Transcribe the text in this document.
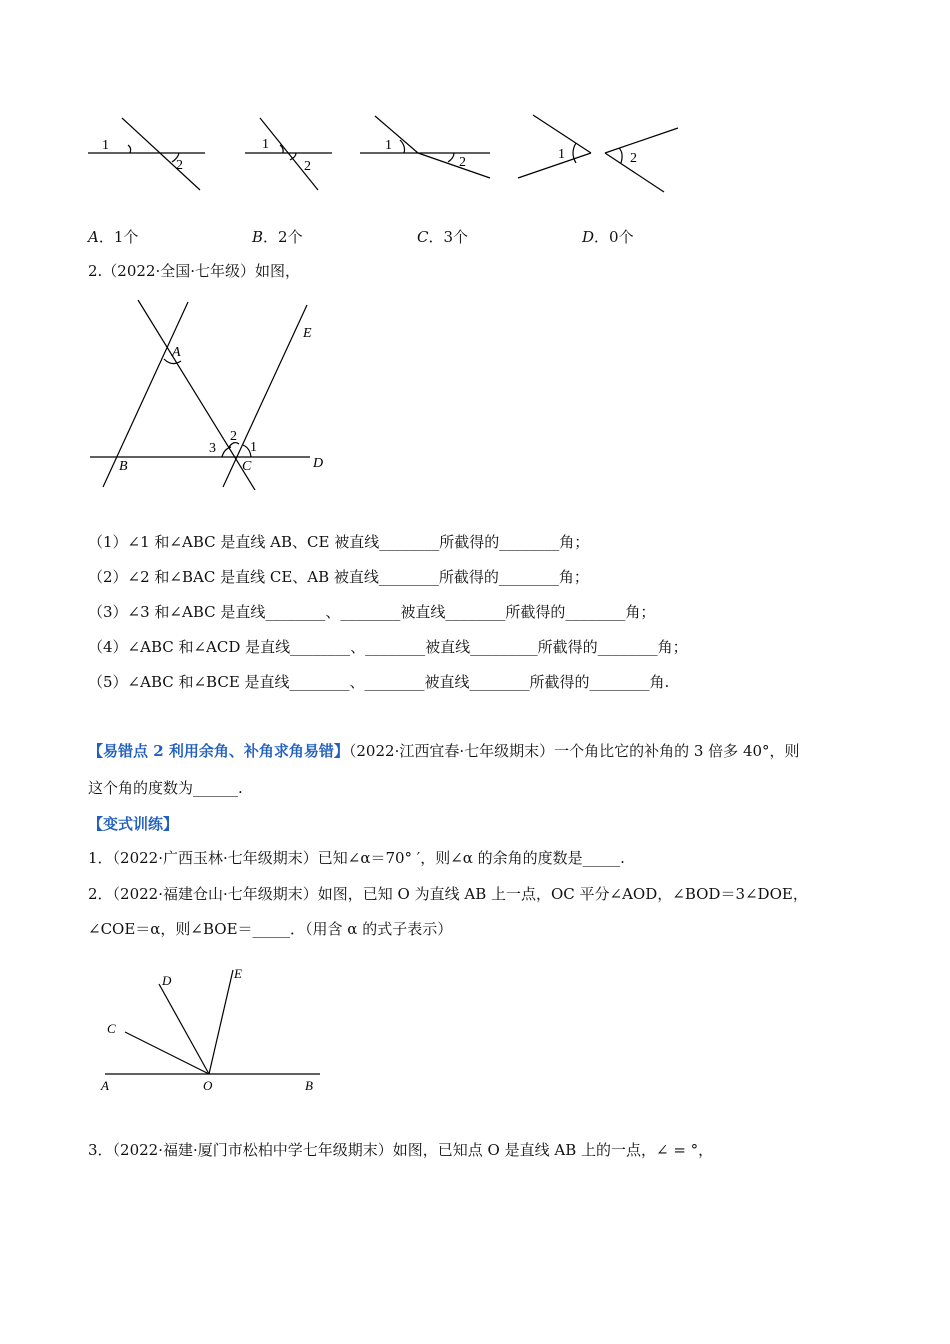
1
2
1
2
1
2
1	2
A．1个	B．2个	C．3个	D．0个
2.（2022·全国·七年级）如图，
A
B	C	D
E
1
2
3
（1）∠1 和∠ABC 是直线 AB、CE 被直线________所截得的________角；
（2）∠2 和∠BAC 是直线 CE、AB 被直线________所截得的________角；
（3）∠3 和∠ABC 是直线________、________被直线________所截得的________角；
（4）∠ABC 和∠ACD 是直线________、________被直线_________所截得的________角；
（5）∠ABC 和∠BCE 是直线________、________被直线________所截得的________角.
【易错点 2 利用余角、补角求角易错】（2022·江西宜春·七年级期末）一个角比它的补角的 3 倍多 40°，则
这个角的度数为______.
【变式训练】
1．（2022·广西玉林·七年级期末）已知∠α＝70° ′，则∠α 的余角的度数是_____.
2．（2022·福建仓山·七年级期末）如图，已知 O 为直线 AB 上一点，OC 平分∠AOD，∠BOD＝3∠DOE，
∠COE＝α，则∠BOE＝_____．（用含 α 的式子表示）
A	O	B
C
D	E
3．（2022·福建·厦门市松柏中学七年级期末）如图，已知点 O 是直线 AB 上的一点，∠ = °，
